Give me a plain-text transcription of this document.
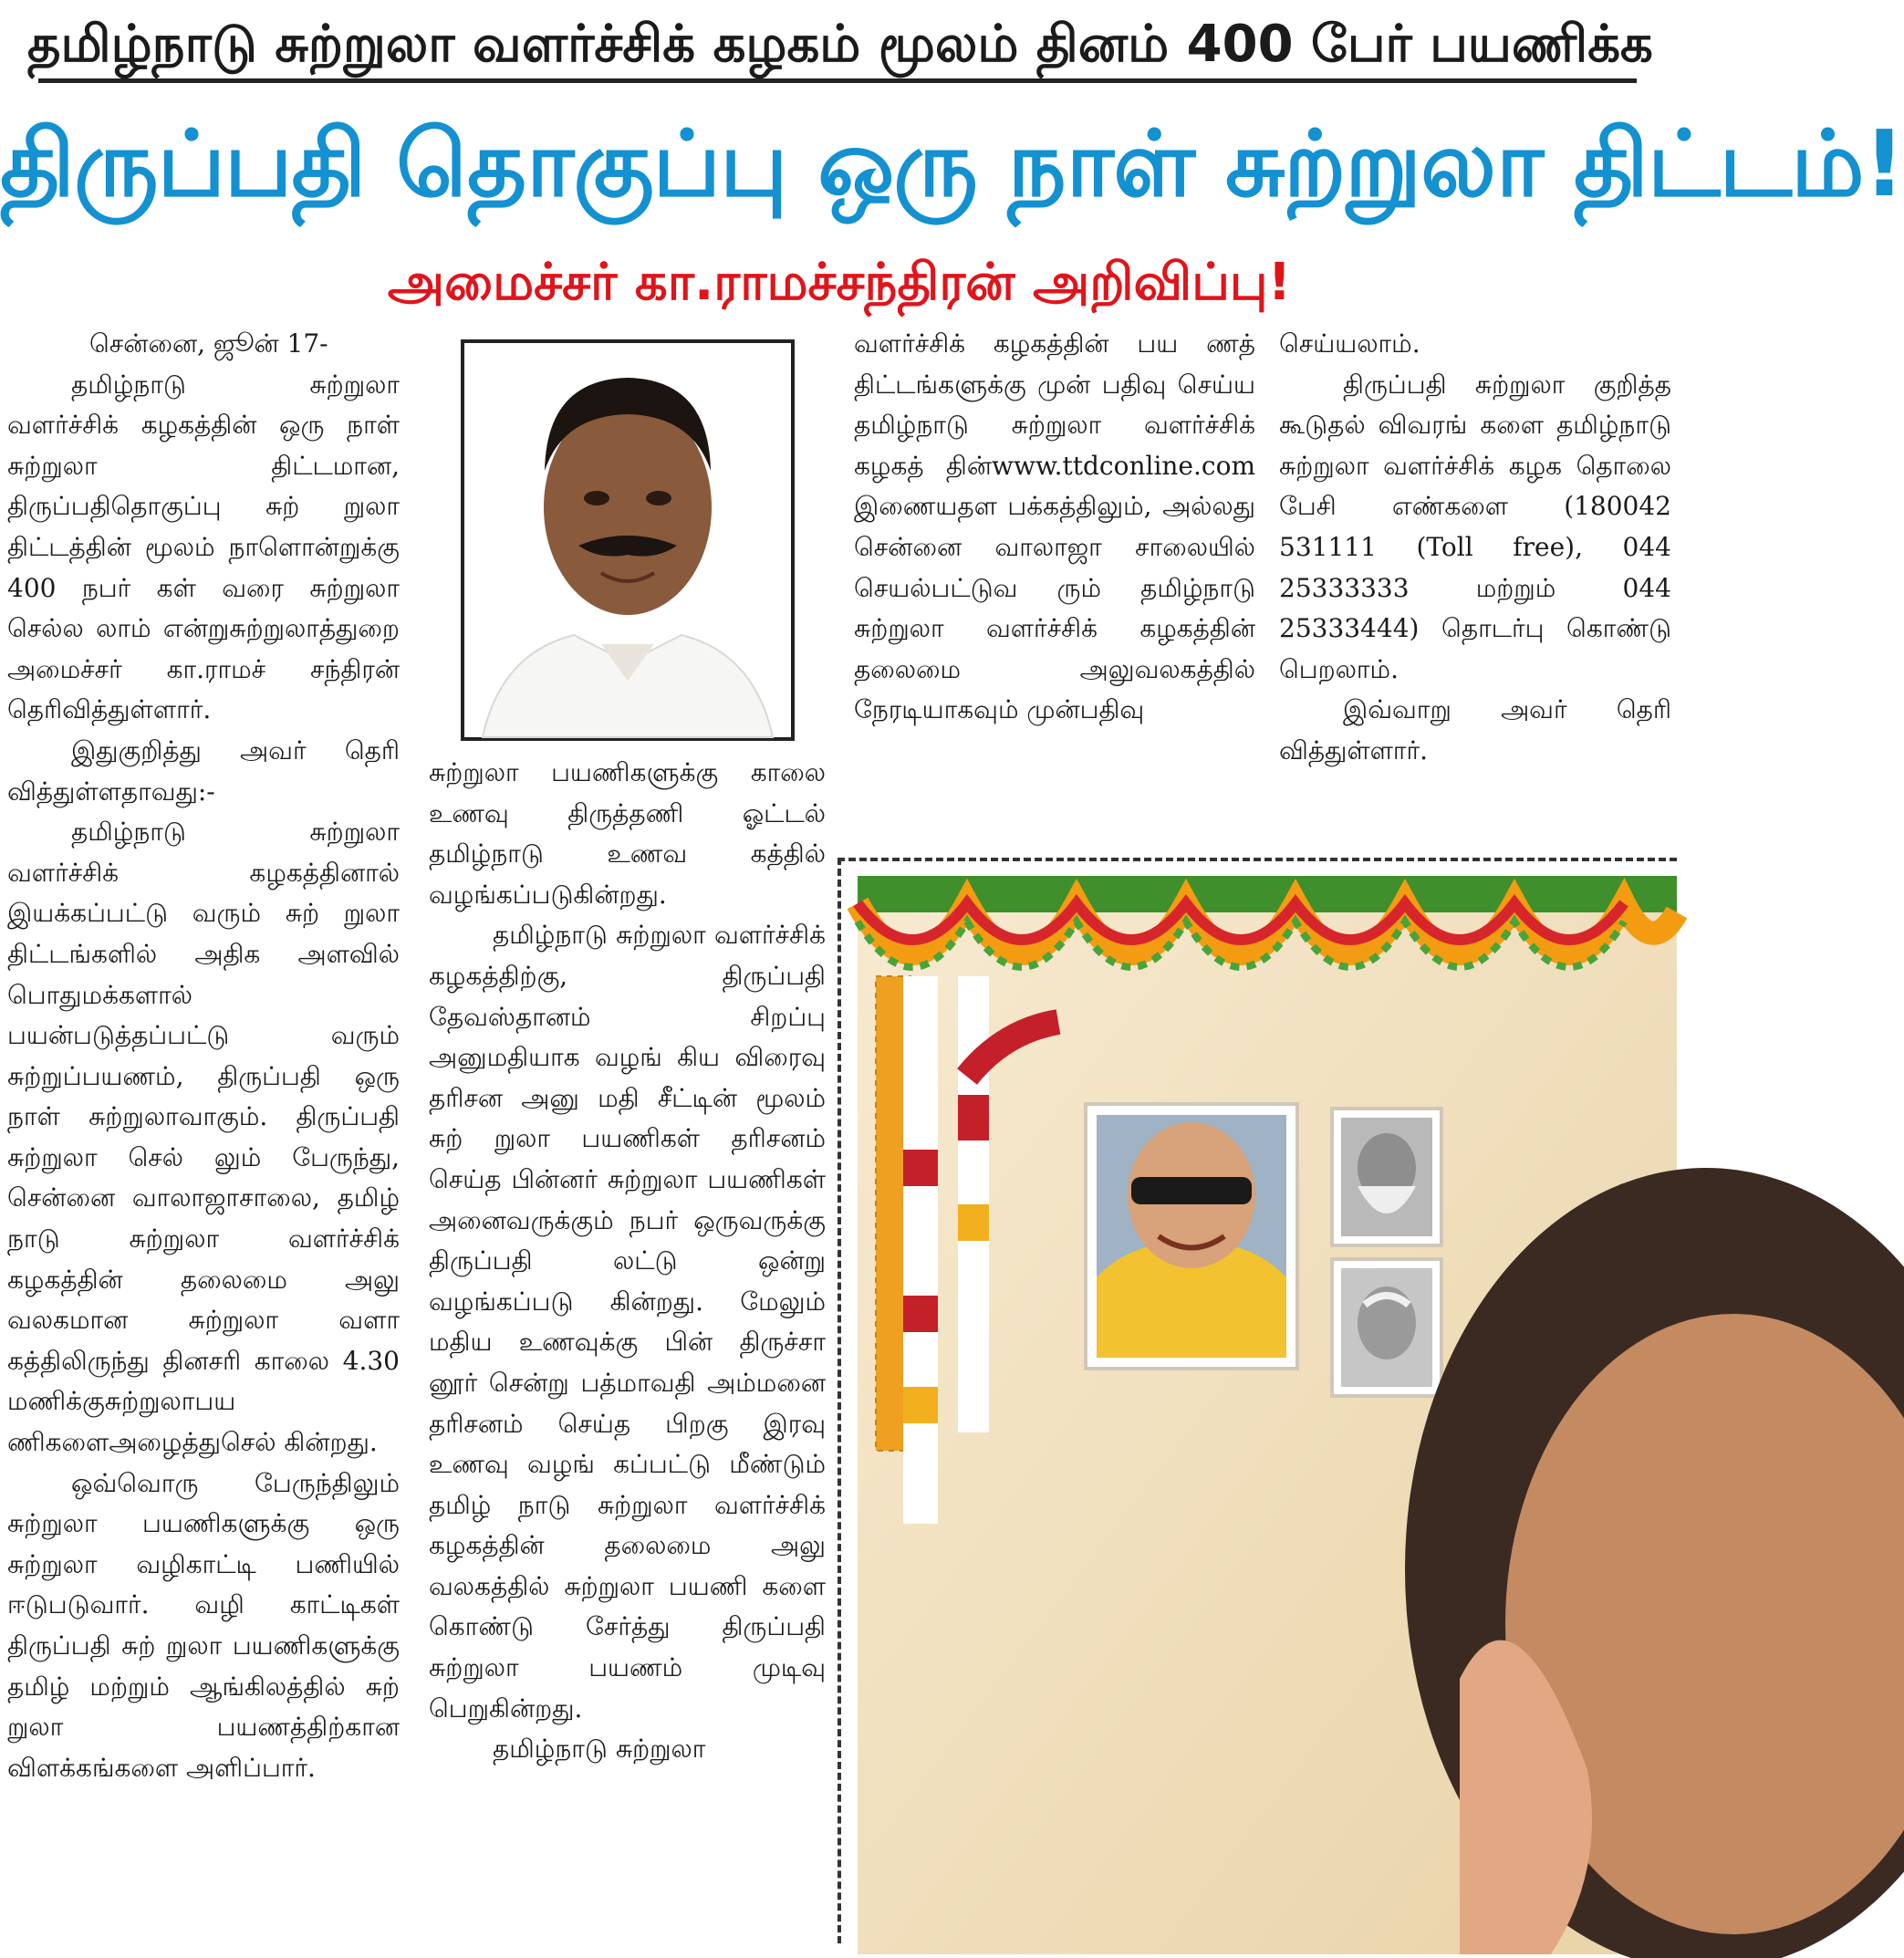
தமிழ்நாடு சுற்றுலா வளர்ச்சிக் கழகம் மூலம் தினம் 400 பேர் பயணிக்க
திருப்பதி தொகுப்பு ஒரு நாள் சுற்றுலா திட்டம்!
அமைச்சர் கா.ராமச்சந்திரன் அறிவிப்பு!

சென்னை, ஜூன் 17-

தமிழ்நாடு சுற்றுலா வளர்ச்சிக் கழகத்தின் ஒரு நாள் சுற்றுலா திட்டமான, திருப்பதிதொகுப்பு சுற் றுலா திட்டத்தின் மூலம் நாளொன்றுக்கு 400 நபர் கள் வரை சுற்றுலா செல்ல லாம் என்றுசுற்றுலாத்துறை அமைச்சர் கா.ராமச் சந்திரன் தெரிவித்துள்ளார்.

இதுகுறித்து அவர் தெரி வித்துள்ளதாவது:-

தமிழ்நாடு சுற்றுலா வளர்ச்சிக் கழகத்தினால் இயக்கப்பட்டு வரும் சுற் றுலா திட்டங்களில் அதிக அளவில் பொதுமக்களால் பயன்படுத்தப்பட்டு வரும் சுற்றுப்பயணம், திருப்பதி ஒரு நாள் சுற்றுலாவாகும். திருப்பதி சுற்றுலா செல் லும் பேருந்து, சென்னை வாலாஜாசாலை, தமிழ் நாடு சுற்றுலா வளர்ச்சிக் கழகத்தின் தலைமை அலு வலகமான சுற்றுலா வளா கத்திலிருந்து தினசரி காலை 4.30 மணிக்குசுற்றுலாபய ணிகளைஅழைத்துசெல் கின்றது.

ஒவ்வொரு பேருந்திலும் சுற்றுலா பயணிகளுக்கு ஒரு சுற்றுலா வழிகாட்டி பணியில் ஈடுபடுவார். வழி காட்டிகள் திருப்பதி சுற் றுலா பயணிகளுக்கு தமிழ் மற்றும் ஆங்கிலத்தில் சுற் றுலா பயணத்திற்கான விளக்கங்களை அளிப்பார்.

சுற்றுலா பயணிகளுக்கு காலை உணவு திருத்தணி ஓட்டல் தமிழ்நாடு உணவ கத்தில் வழங்கப்படுகின்றது.

தமிழ்நாடு சுற்றுலா வளர்ச்சிக் கழகத்திற்கு, திருப்பதி தேவஸ்தானம் சிறப்பு அனுமதியாக வழங் கிய விரைவு தரிசன அனு மதி சீட்டின் மூலம் சுற் றுலா பயணிகள் தரிசனம் செய்த பின்னர் சுற்றுலா பயணிகள் அனைவருக்கும் நபர் ஒருவருக்கு திருப்பதி லட்டு ஒன்று வழங்கப்படு கின்றது. மேலும் மதிய உணவுக்கு பின் திருச்சா னூர் சென்று பத்மாவதி அம்மனை தரிசனம் செய்த பிறகு இரவு உணவு வழங் கப்பட்டு மீண்டும் தமிழ் நாடு சுற்றுலா வளர்ச்சிக் கழகத்தின் தலைமை அலு வலகத்தில் சுற்றுலா பயணி களை கொண்டு சேர்த்து திருப்பதி சுற்றுலா பயணம் முடிவு பெறுகின்றது.

தமிழ்நாடு சுற்றுலா

வளர்ச்சிக் கழகத்தின் பய ணத் திட்டங்களுக்கு முன் பதிவு செய்ய தமிழ்நாடு சுற்றுலா வளர்ச்சிக் கழகத் தின்www.ttdconline.com இணையதள பக்கத்திலும், அல்லது சென்னை வாலாஜா சாலையில் செயல்பட்டுவ ரும் தமிழ்நாடு சுற்றுலா வளர்ச்சிக் கழகத்தின் தலைமை அலுவலகத்தில் நேரடியாகவும் முன்பதிவு

செய்யலாம்.

திருப்பதி சுற்றுலா குறித்த கூடுதல் விவரங் களை தமிழ்நாடு சுற்றுலா வளர்ச்சிக் கழக தொலை பேசி எண்களை (180042 531111 (Toll free), 044 25333333 மற்றும் 044 25333444) தொடர்பு கொண்டு பெறலாம்.

இவ்வாறு அவர் தெரி வித்துள்ளார்.
